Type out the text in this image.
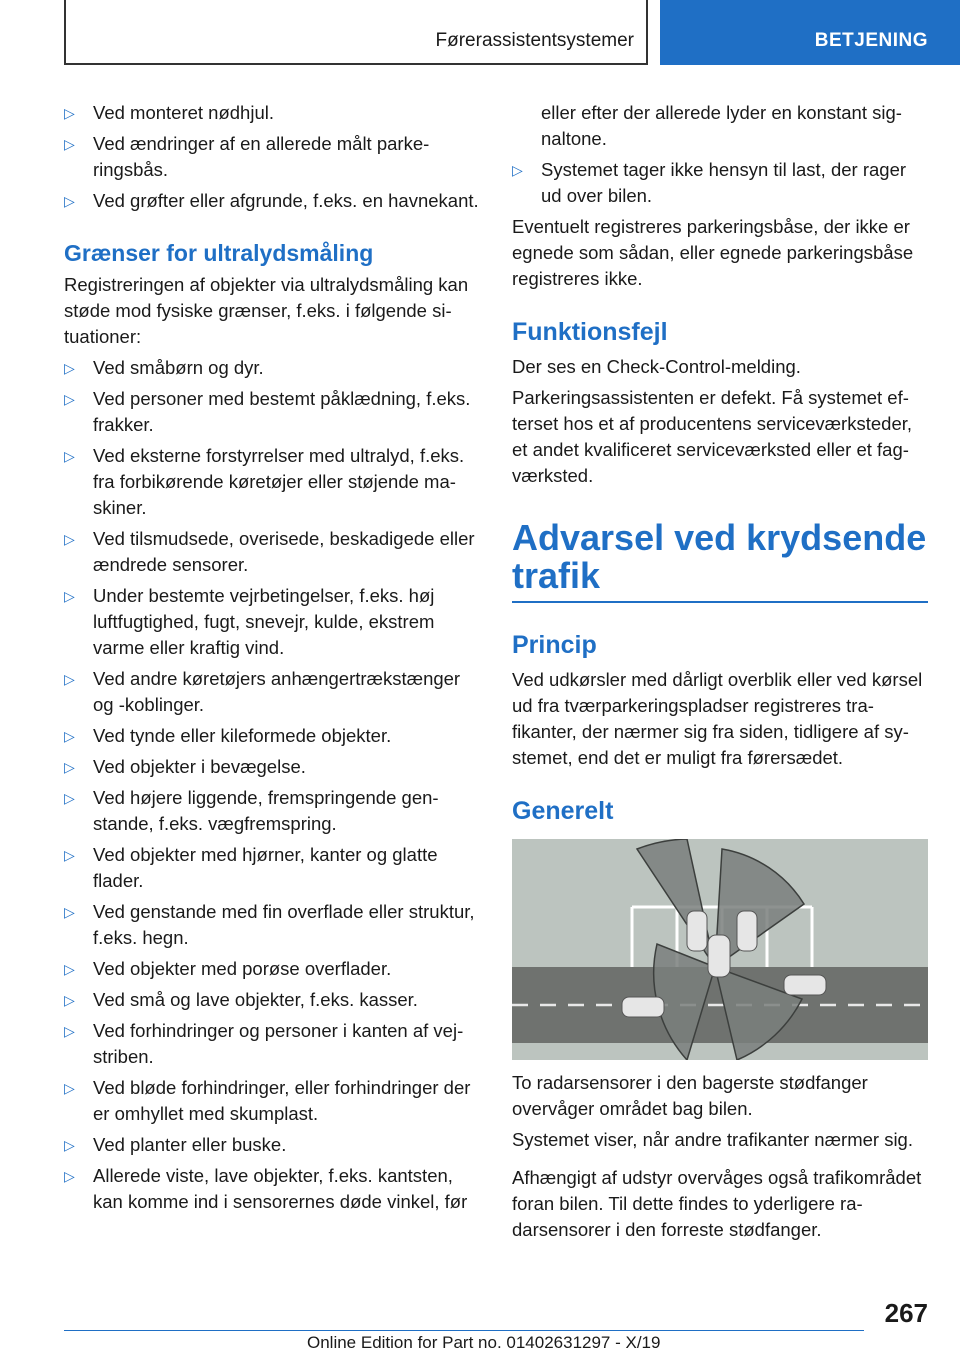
Førerassistentsystemer	BETJENING
▷ Ved monteret nødhjul.
▷ Ved ændringer af en allerede målt parkeringsbås.
▷ Ved grøfter eller afgrunde, f.eks. en havnekant.
Grænser for ultralydsmåling
Registreringen af objekter via ultralydsmåling kan støde mod fysiske grænser, f.eks. i følgende situationer:
▷ Ved småbørn og dyr.
▷ Ved personer med bestemt påklædning, f.eks. frakker.
▷ Ved eksterne forstyrrelser med ultralyd, f.eks. fra forbikørende køretøjer eller støjende maskiner.
▷ Ved tilsmudsede, overisede, beskadigede eller ændrede sensorer.
▷ Under bestemte vejrbetingelser, f.eks. høj luftfugtighed, fugt, snevejr, kulde, ekstrem varme eller kraftig vind.
▷ Ved andre køretøjers anhængertrækstænger og -koblinger.
▷ Ved tynde eller kileformede objekter.
▷ Ved objekter i bevægelse.
▷ Ved højere liggende, fremspringende genstande, f.eks. vægfremspring.
▷ Ved objekter med hjørner, kanter og glatte flader.
▷ Ved genstande med fin overflade eller struktur, f.eks. hegn.
▷ Ved objekter med porøse overflader.
▷ Ved små og lave objekter, f.eks. kasser.
▷ Ved forhindringer og personer i kanten af vejstriben.
▷ Ved bløde forhindringer, eller forhindringer der er omhyllet med skumplast.
▷ Ved planter eller buske.
▷ Allerede viste, lave objekter, f.eks. kantsten, kan komme ind i sensorernes døde vinkel, før
eller efter der allerede lyder en konstant signaltone.
▷ Systemet tager ikke hensyn til last, der rager ud over bilen.
Eventuelt registreres parkeringsbåse, der ikke er egnede som sådan, eller egnede parkeringsbåse registreres ikke.
Funktionsfejl
Der ses en Check-Control-melding.
Parkeringsassistenten er defekt. Få systemet efterset hos et af producentens serviceværksteder, et andet kvalificeret serviceværksted eller et fagværksted.
Advarsel ved krydsende trafik
Princip
Ved udkørsler med dårligt overblik eller ved kørsel ud fra tværparkeringspladser registreres trafikanter, der nærmer sig fra siden, tidligere af systemet, end det er muligt fra førersædet.
Generelt
To radarsensorer i den bagerste stødfanger overvåger området bag bilen.
Systemet viser, når andre trafikanter nærmer sig.
Afhængigt af udstyr overvåges også trafikområdet foran bilen. Til dette findes to yderligere radarsensorer i den forreste stødfanger.
267
Online Edition for Part no. 01402631297 - X/19
